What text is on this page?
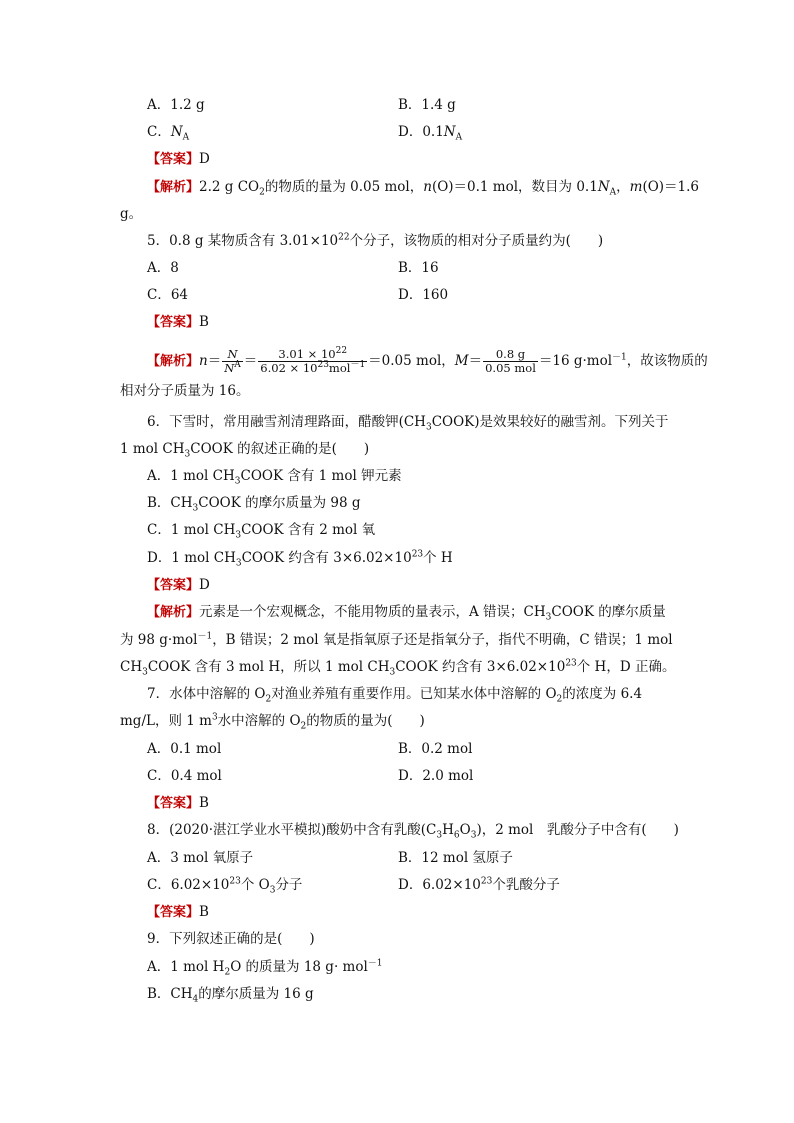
A．1.2 g	B．1.4 g
C．$N_A$	D．$0.1N_A$
【答案】D
【解析】2.2 g $CO_2$的物质的量为 0.05 mol，n(O)＝0.1 mol，数目为 $0.1N_A$，m(O)＝1.6
g。
5．0.8 g 某物质含有 $3.01\times 10^{22}$个分子，该物质的相对分子质量约为(　　)
A．8	B．16
C．64	D．160
【答案】B
【解析】$n= \frac{N}{N^A} = \frac{3.01 \times 10^{22}}{6.02 \times 10^{23}mol^{-1}} =0.05$ mol，$M= \frac{0.8 g}{\text{0.05 mol}} =16$ g·mol$^{-1}$，故该物质的
相对分子质量为 16。
6．下雪时，常用融雪剂清理路面，醋酸钾$(CH_3COOK)$是效果较好的融雪剂。下列关于
1 mol $CH_3COOK$ 的叙述正确的是(　　)
A．1 mol $CH_3COOK$ 含有 1 mol 钾元素
B．$CH_3COOK$ 的摩尔质量为 98 g
C．1 mol $CH_3COOK$ 含有 2 mol 氧
D．1 mol $CH_3COOK$ 约含有 $3\times 6.02\times 10^{23}$个 H
【答案】D
【解析】元素是一个宏观概念，不能用物质的量表示，A 错误；$CH_3COOK$ 的摩尔质量
为 98 g·mol$^{-1}$，B 错误；2 mol 氧是指氧原子还是指氧分子，指代不明确，C 错误；1 mol
$CH_3COOK$ 含有 3 mol H，所以 1 mol $CH_3COOK$ 约含有 $3\times 6.02\times 10^{23}$个 H，D 正确。
7．水体中溶解的 $O_2$对渔业养殖有重要作用。已知某水体中溶解的 $O_2$的浓度为 6.4
mg/L，则 1 $m^3$水中溶解的 $O_2$的物质的量为(　　)
A．0.1 mol	B．0.2 mol
C．0.4 mol	D．2.0 mol
【答案】B
8．(2020·湛江学业水平模拟)酸奶中含有乳酸$(C_3H_6O_3)$，2 mol　乳酸分子中含有(　　)
A．3 mol 氧原子	B．12 mol 氢原子
C．$6.02\times 10^{23}$个 $O_3$分子	D．$6.02\times 10^{23}$个乳酸分子
【答案】B
9．下列叙述正确的是(　　)
A．1 mol $H_2O$ 的质量为 18 g· mol$^{-1}$
B．$CH_4$的摩尔质量为 16 g
